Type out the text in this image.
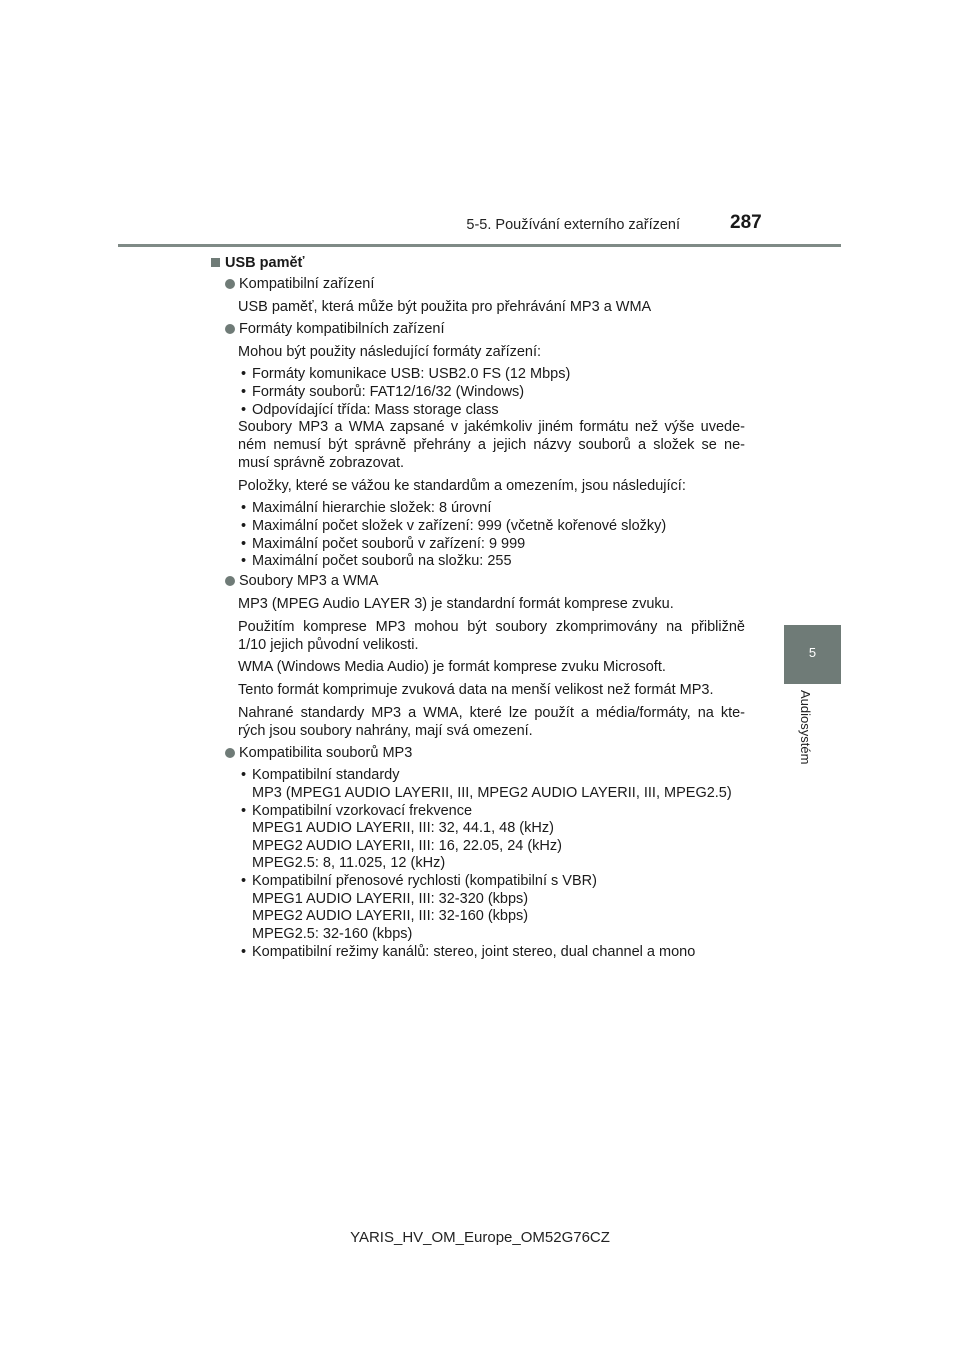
5-5. Používání externího zařízení	287
5
Audiosystém
USB paměť
Kompatibilní zařízení
USB paměť, která může být použita pro přehrávání MP3 a WMA
Formáty kompatibilních zařízení
Mohou být použity následující formáty zařízení:
• Formáty komunikace USB: USB2.0 FS (12 Mbps)
• Formáty souborů: FAT12/16/32 (Windows)
• Odpovídající třída: Mass storage class
Soubory MP3 a WMA zapsané v jakémkoliv jiném formátu než výše uvede-
ném nemusí být správně přehrány a jejich názvy souborů a složek se ne-
musí správně zobrazovat.
Položky, které se vážou ke standardům a omezením, jsou následující:
• Maximální hierarchie složek: 8 úrovní
• Maximální počet složek v zařízení: 999 (včetně kořenové složky)
• Maximální počet souborů v zařízení: 9 999
• Maximální počet souborů na složku: 255
Soubory MP3 a WMA
MP3 (MPEG Audio LAYER 3) je standardní formát komprese zvuku.
Použitím komprese MP3 mohou být soubory zkomprimovány na přibližně
1/10 jejich původní velikosti.
WMA (Windows Media Audio) je formát komprese zvuku Microsoft.
Tento formát komprimuje zvuková data na menší velikost než formát MP3.
Nahrané standardy MP3 a WMA, které lze použít a média/formáty, na kte-
rých jsou soubory nahrány, mají svá omezení.
Kompatibilita souborů MP3
• Kompatibilní standardy
MP3 (MPEG1 AUDIO LAYERII, III, MPEG2 AUDIO LAYERII, III, MPEG2.5)
• Kompatibilní vzorkovací frekvence
MPEG1 AUDIO LAYERII, III: 32, 44.1, 48 (kHz)
MPEG2 AUDIO LAYERII, III: 16, 22.05, 24 (kHz)
MPEG2.5: 8, 11.025, 12 (kHz)
• Kompatibilní přenosové rychlosti (kompatibilní s VBR)
MPEG1 AUDIO LAYERII, III: 32-320 (kbps)
MPEG2 AUDIO LAYERII, III: 32-160 (kbps)
MPEG2.5: 32-160 (kbps)
• Kompatibilní režimy kanálů: stereo, joint stereo, dual channel a mono
YARIS_HV_OM_Europe_OM52G76CZ
